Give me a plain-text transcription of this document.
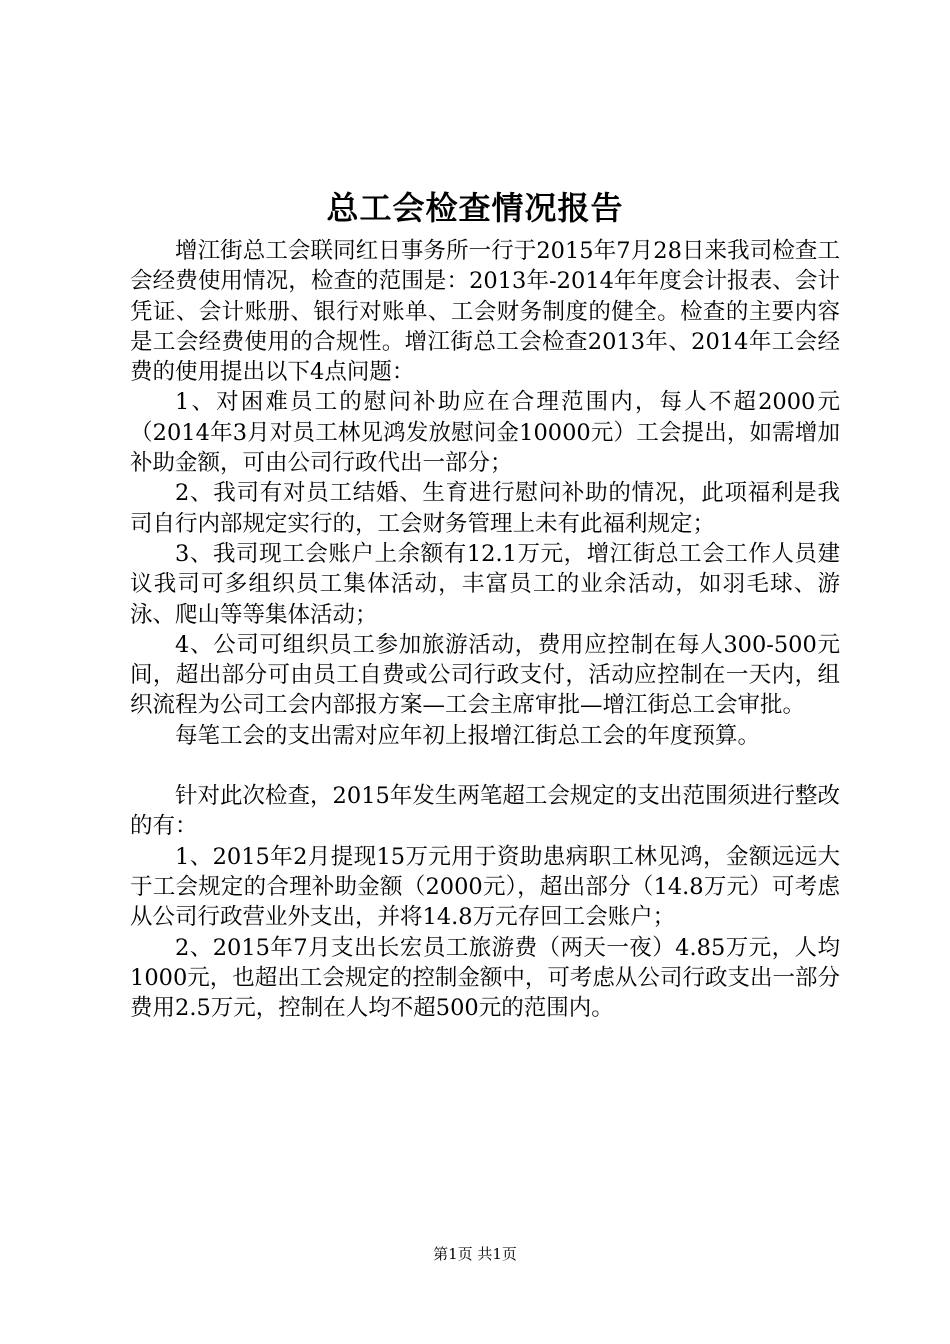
总工会检查情况报告

增江街总工会联同红日事务所一行于2015年7月28日来我司检查工会经费使用情况，检查的范围是：2013年-2014年年度会计报表、会计凭证、会计账册、银行对账单、工会财务制度的健全。检查的主要内容是工会经费使用的合规性。增江街总工会检查2013年、2014年工会经费的使用提出以下4点问题：

1、对困难员工的慰问补助应在合理范围内，每人不超2000元（2014年3月对员工林见鸿发放慰问金10000元）工会提出，如需增加补助金额，可由公司行政代出一部分；

2、我司有对员工结婚、生育进行慰问补助的情况，此项福利是我司自行内部规定实行的，工会财务管理上未有此福利规定；

3、我司现工会账户上余额有12.1万元，增江街总工会工作人员建议我司可多组织员工集体活动，丰富员工的业余活动，如羽毛球、游泳、爬山等等集体活动；

4、公司可组织员工参加旅游活动，费用应控制在每人300-500元间，超出部分可由员工自费或公司行政支付，活动应控制在一天内，组织流程为公司工会内部报方案—工会主席审批—增江街总工会审批。

每笔工会的支出需对应年初上报增江街总工会的年度预算。

针对此次检查，2015年发生两笔超工会规定的支出范围须进行整改的有：

1、2015年2月提现15万元用于资助患病职工林见鸿，金额远远大于工会规定的合理补助金额（2000元），超出部分（14.8万元）可考虑从公司行政营业外支出，并将14.8万元存回工会账户；

2、2015年7月支出长宏员工旅游费（两天一夜）4.85万元，人均1000元，也超出工会规定的控制金额中，可考虑从公司行政支出一部分费用2.5万元，控制在人均不超500元的范围内。

第1页 共1页
